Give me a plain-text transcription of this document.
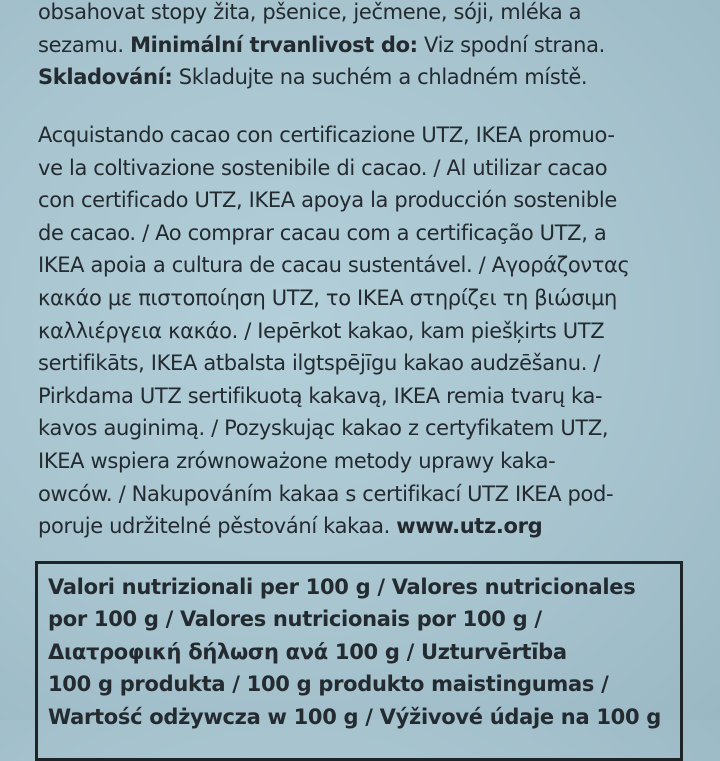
obsahovat stopy žita, pšenice, ječmene, sóji, mléka a
sezamu. Minimální trvanlivost do: Viz spodní strana.
Skladování: Skladujte na suchém a chladném místě.

Acquistando cacao con certificazione UTZ, IKEA promuo-
ve la coltivazione sostenibile di cacao. / Al utilizar cacao
con certificado UTZ, IKEA apoya la producción sostenible
de cacao. / Ao comprar cacau com a certificação UTZ, a
IKEA apoia a cultura de cacau sustentável. / Αγοράζοντας
κακάο με πιστοποίηση UTZ, το IKEA στηρίζει τη βιώσιμη
καλλιέργεια κακάο. / Iepērkot kakao, kam piešķirts UTZ
sertifikāts, IKEA atbalsta ilgtspējīgu kakao audzēšanu. /
Pirkdama UTZ sertifikuotą kakavą, IKEA remia tvarų ka-
kavos auginimą. / Pozyskując kakao z certyfikatem UTZ,
IKEA wspiera zrównoważone metody uprawy kaka-
owców. / Nakupováním kakaa s certifikací UTZ IKEA pod-
poruje udržitelné pěstování kakaa. www.utz.org

Valori nutrizionali per 100 g / Valores nutricionales
por 100 g / Valores nutricionais por 100 g /
Διατροφική δήλωση ανά 100 g / Uzturvērtība
100 g produkta / 100 g produkto maistingumas /
Wartość odżywcza w 100 g / Výživové údaje na 100 g
